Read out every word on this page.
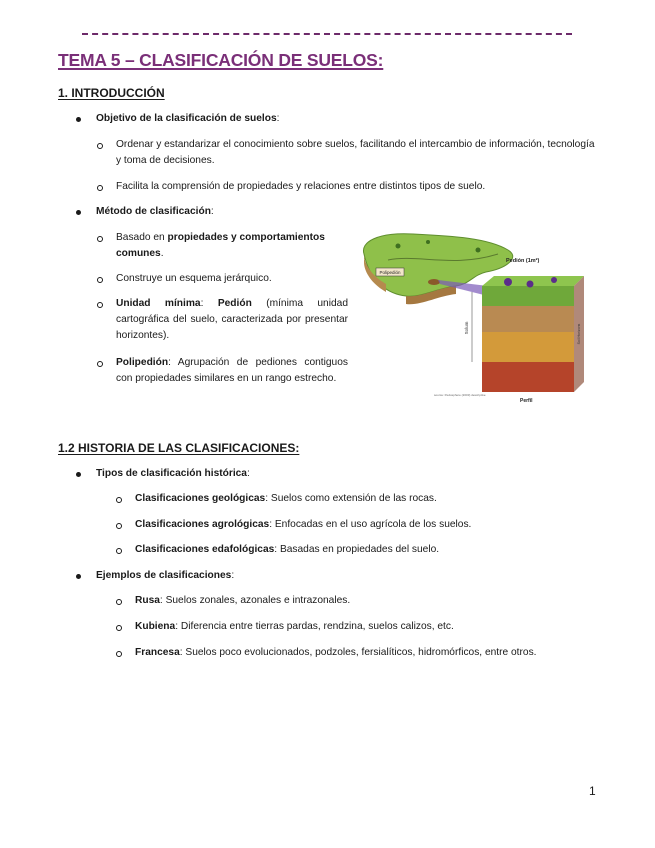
TEMA 5 – CLASIFICACIÓN DE SUELOS:
1. INTRODUCCIÓN
Objetivo de la clasificación de suelos:
Ordenar y estandarizar el conocimiento sobre suelos, facilitando el intercambio de información, tecnología y toma de decisiones.
Facilita la comprensión de propiedades y relaciones entre distintos tipos de suelo.
Método de clasificación:
Basado en propiedades y comportamientos comunes.
Construye un esquema jerárquico.
Unidad mínima: Pedión (mínima unidad cartográfica del suelo, caracterizada por presentar horizontes).
Polipedión: Agrupación de pediones contiguos con propiedades similares en un rango estrecho.
Polipedión
Solum	Soil Horizons
Pedión (1m²)
source: Pedosphere (2003) descriptive
Perfil
1.2 HISTORIA DE LAS CLASIFICACIONES:
Tipos de clasificación histórica:
Clasificaciones geológicas: Suelos como extensión de las rocas.
Clasificaciones agrológicas: Enfocadas en el uso agrícola de los suelos.
Clasificaciones edafológicas: Basadas en propiedades del suelo.
Ejemplos de clasificaciones:
Rusa: Suelos zonales, azonales e intrazonales.
Kubiena: Diferencia entre tierras pardas, rendzina, suelos calizos, etc.
Francesa: Suelos poco evolucionados, podzoles, fersialíticos, hidromórficos, entre otros.
1
